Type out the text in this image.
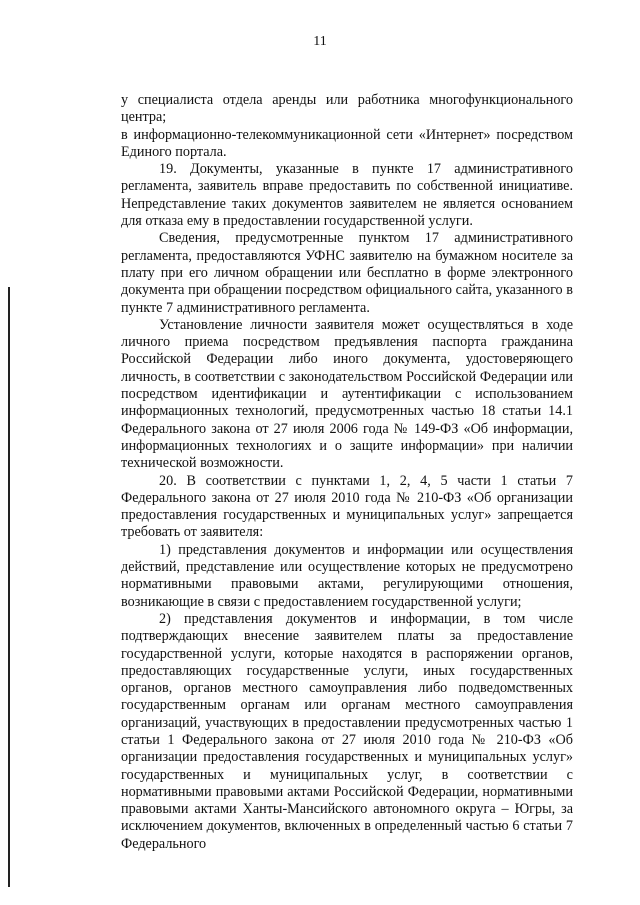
11

у специалиста отдела аренды или работника многофункционального центра;

в информационно-телекоммуникационной сети «Интернет» посредством Единого портала.

19. Документы, указанные в пункте 17 административного регламента, заявитель вправе предоставить по собственной инициативе. Непредставление таких документов заявителем не является основанием для отказа ему в предоставлении государственной услуги.

Сведения, предусмотренные пунктом 17 административного регламента, предоставляются УФНС заявителю на бумажном носителе за плату при его личном обращении или бесплатно в форме электронного документа при обращении посредством официального сайта, указанного в пункте 7 административного регламента.

Установление личности заявителя может осуществляться в ходе личного приема посредством предъявления паспорта гражданина Российской Федерации либо иного документа, удостоверяющего личность, в соответствии с законодательством Российской Федерации или посредством идентификации и аутентификации с использованием информационных технологий, предусмотренных частью 18 статьи 14.1 Федерального закона от 27 июля 2006 года № 149-ФЗ «Об информации, информационных технологиях и о защите информации» при наличии технической возможности.

20. В соответствии с пунктами 1, 2, 4, 5 части 1 статьи 7 Федерального закона от 27 июля 2010 года № 210-ФЗ «Об организации предоставления государственных и муниципальных услуг» запрещается требовать от заявителя:

1) представления документов и информации или осуществления действий, представление или осуществление которых не предусмотрено нормативными правовыми актами, регулирующими отношения, возникающие в связи с предоставлением государственной услуги;

2) представления документов и информации, в том числе подтверждающих внесение заявителем платы за предоставление государственной услуги, которые находятся в распоряжении органов, предоставляющих государственные услуги, иных государственных органов, органов местного самоуправления либо подведомственных государственным органам или органам местного самоуправления организаций, участвующих в предоставлении предусмотренных частью 1 статьи 1 Федерального закона от 27 июля 2010 года № 210-ФЗ «Об организации предоставления государственных и муниципальных услуг» государственных и муниципальных услуг, в соответствии с нормативными правовыми актами Российской Федерации, нормативными правовыми актами Ханты-Мансийского автономного округа – Югры, за исключением документов, включенных в определенный частью 6 статьи 7 Федерального
